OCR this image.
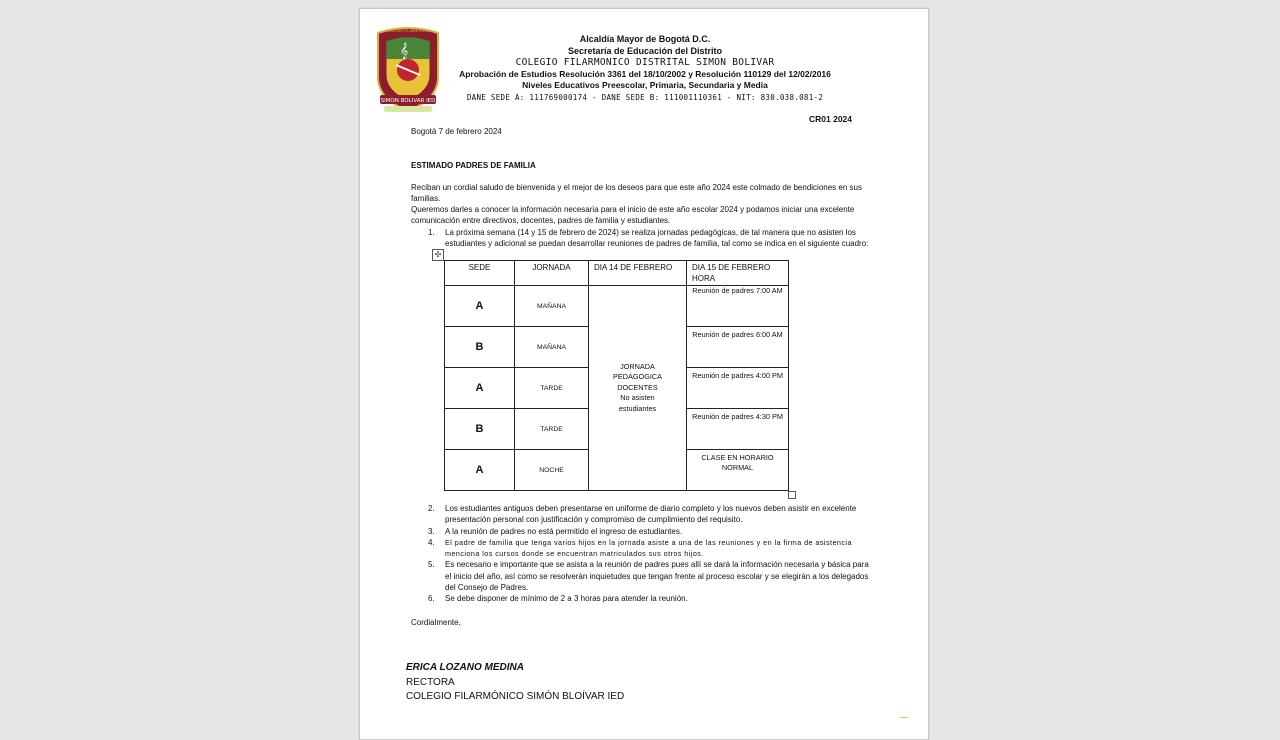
𝄞
SIMON BOLIVAR IED
COLEGIO FILARMONICO
Alcaldía Mayor de Bogotá D.C.
Secretaría de Educación del Distrito
COLEGIO FILARMONICO DISTRITAL SIMON BOLIVAR
Aprobación de Estudios Resolución 3361 del 18/10/2002 y Resolución 110129 del 12/02/2016
Niveles Educativos Preescolar, Primaria, Secundaria y Media
DANE SEDE A: 111769000174 - DANE SEDE B: 111001110361 - NIT: 830.038.081-2
CR01 2024
Bogotá 7 de febrero 2024
ESTIMADO PADRES DE FAMILIA
Reciban un cordial saludo de bienvenida y el mejor de los deseos para que este año 2024 este colmado de bendiciones en sus familias.
Queremos darles a conocer la información necesaria para el inicio de este año escolar 2024 y podamos iniciar una excelente comunicación entre directivos, docentes, padres de familia y estudiantes.
1. La próxima semana (14 y 15 de febrero de 2024) se realiza jornadas pedagógicas, de tal manera que no asisten los estudiantes y adicional se puedan desarrollar reuniones de padres de familia, tal como se indica en el siguiente cuadro:
✣
SEDE	JORNADA	DIA 14 DE FEBRERO	DIA 15 DE FEBRERO HORA
A	MAÑANA	JORNADA
PEDAGOGICA
DOCENTES
No asisten
estudiantes	Reunión de padres 7:00 AM
B	MAÑANA		Reunión de padres 6:00 AM
A	TARDE		Reunión de padres 4:00 PM
B	TARDE		Reunión de padres 4:30 PM
A	NOCHE		CLASE EN HORARIO NORMAL
2. Los estudiantes antiguos deben presentarse en uniforme de diario completo y los nuevos deben asistir en excelente presentación personal con justificación y compromiso de cumplimiento del requisito.
3. A la reunión de padres no está permitido el ingreso de estudiantes.
4. El padre de familia que tenga varios hijos en la jornada asiste a una de las reuniones y en la firma de asistencia menciona los cursos donde se encuentran matriculados sus otros hijos.
5. Es necesario e importante que se asista a la reunión de padres pues allí se dará la información necesaria y básica para el inicio del año, así como se resolverán inquietudes que tengan frente al proceso escolar y se elegirán a los delegados del Consejo de Padres.
6. Se debe disponer de mínimo de 2 a 3 horas para atender la reunión.
Cordialmente,
ERICA LOZANO MEDINA
RECTORA
COLEGIO FILARMÓNICO SIMÓN BLOÍVAR IED
